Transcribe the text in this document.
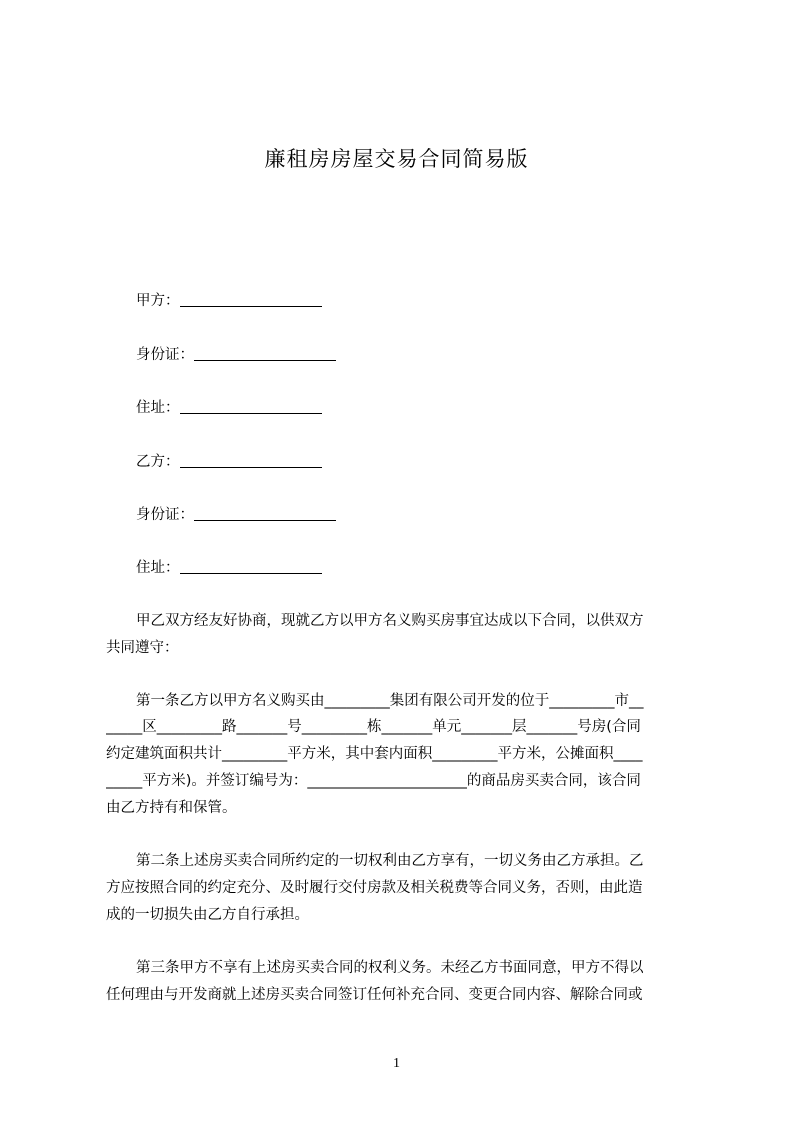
廉租房房屋交易合同简易版
甲方：
身份证：
住址：
乙方：
身份证：
住址：
甲乙双方经友好协商，现就乙方以甲方名义购买房事宜达成以下合同，以供双方
共同遵守：
第一条乙方以甲方名义购买由_________集团有限公司开发的位于_________市__
_____区_________路_______号_________栋_______单元_______层_______号房(合同
约定建筑面积共计_________平方米，其中套内面积_________平方米，公摊面积____
_____平方米)。并签订编号为：______________________的商品房买卖合同，该合同
由乙方持有和保管。
第二条上述房买卖合同所约定的一切权利由乙方享有，一切义务由乙方承担。乙
方应按照合同的约定充分、及时履行交付房款及相关税费等合同义务，否则，由此造
成的一切损失由乙方自行承担。
第三条甲方不享有上述房买卖合同的权利义务。未经乙方书面同意，甲方不得以
任何理由与开发商就上述房买卖合同签订任何补充合同、变更合同内容、解除合同或
1
